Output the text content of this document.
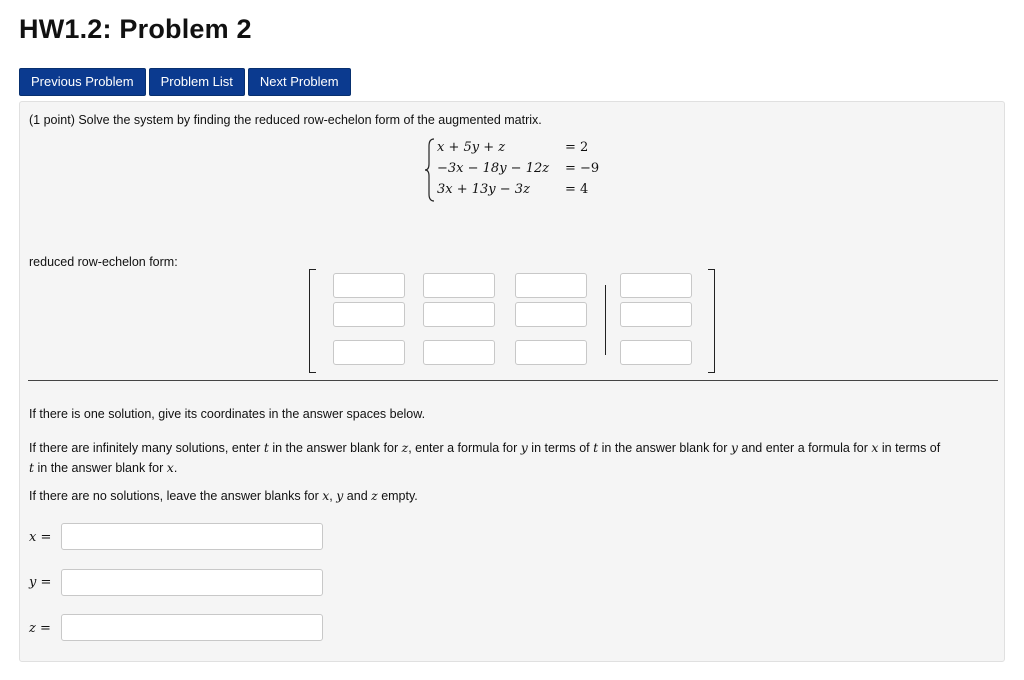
HW1.2: Problem 2
Previous Problem	Problem List	Next Problem
(1 point) Solve the system by finding the reduced row-echelon form of the augmented matrix.
x + 5y + z	= 2
−3x − 18y − 12z = −9
3x + 13y − 3z	= 4
reduced row-echelon form:
If there is one solution, give its coordinates in the answer spaces below.
If there are infinitely many solutions, enter t in the answer blank for z, enter a formula for y in terms of t in the answer blank for y and enter a formula for x in terms of
t in the answer blank for x.
If there are no solutions, leave the answer blanks for x, y and z empty.
x =
y =
z =
